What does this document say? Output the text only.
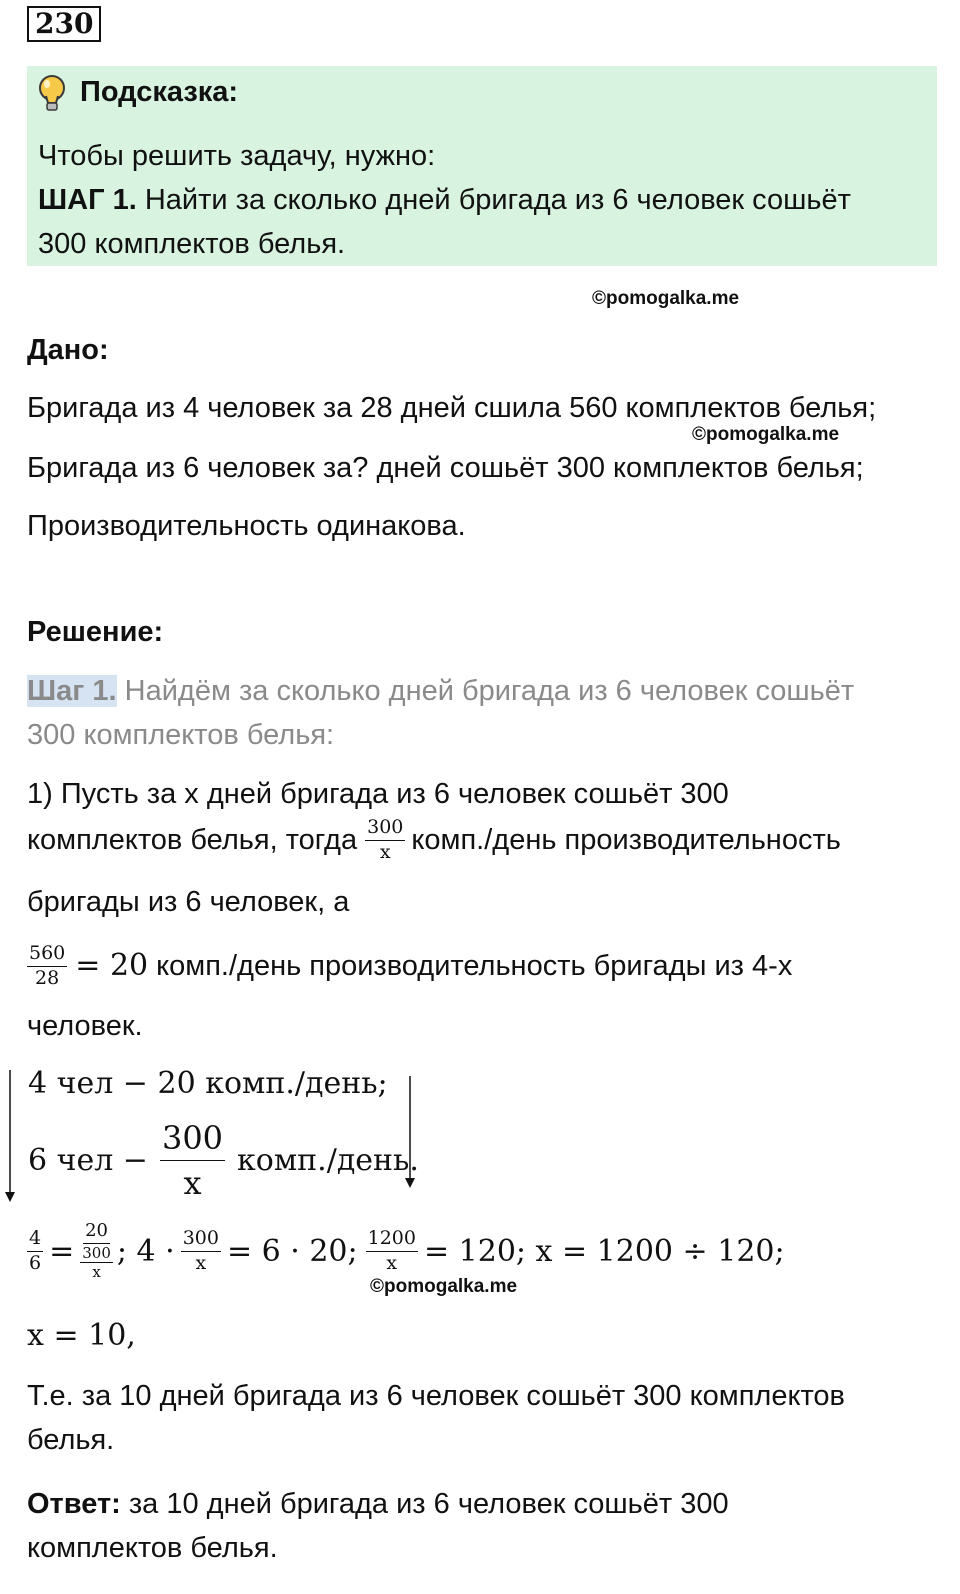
230
Подсказка:
Чтобы решить задачу, нужно:
ШАГ 1. Найти за сколько дней бригада из 6 человек сошьёт
300 комплектов белья.
©pomogalka.me
©pomogalka.me
©pomogalka.me
Дано:
Бригада из 4 человек за 28 дней сшила 560 комплектов белья;
Бригада из 6 человек за? дней сошьёт 300 комплектов белья;
Производительность одинакова.
Решение:
Шаг 1. Найдём за сколько дней бригада из 6 человек сошьёт
300 комплектов белья:
1) Пусть за x дней бригада из 6 человек сошьёт 300
комплектов белья, тогда $\frac{300}{x}$ комп./день производительность
бригады из 6 человек, а
$\frac{560}{28} = 20$ комп./день производительность бригады из 4-х
человек.
4 чел − 20 комп./день;
6 чел − $\frac{300}{x}$ комп./день.
$\frac{4}{6} = \frac{20}{\frac{300}{x}}$ ; $4 \cdot \frac{300}{x} = 6 \cdot 20$; $\frac{1200}{x} = 120$; x = 1200 ÷ 120;
x = 10,
Т.е. за 10 дней бригада из 6 человек сошьёт 300 комплектов
белья.
Ответ: за 10 дней бригада из 6 человек сошьёт 300
комплектов белья.
